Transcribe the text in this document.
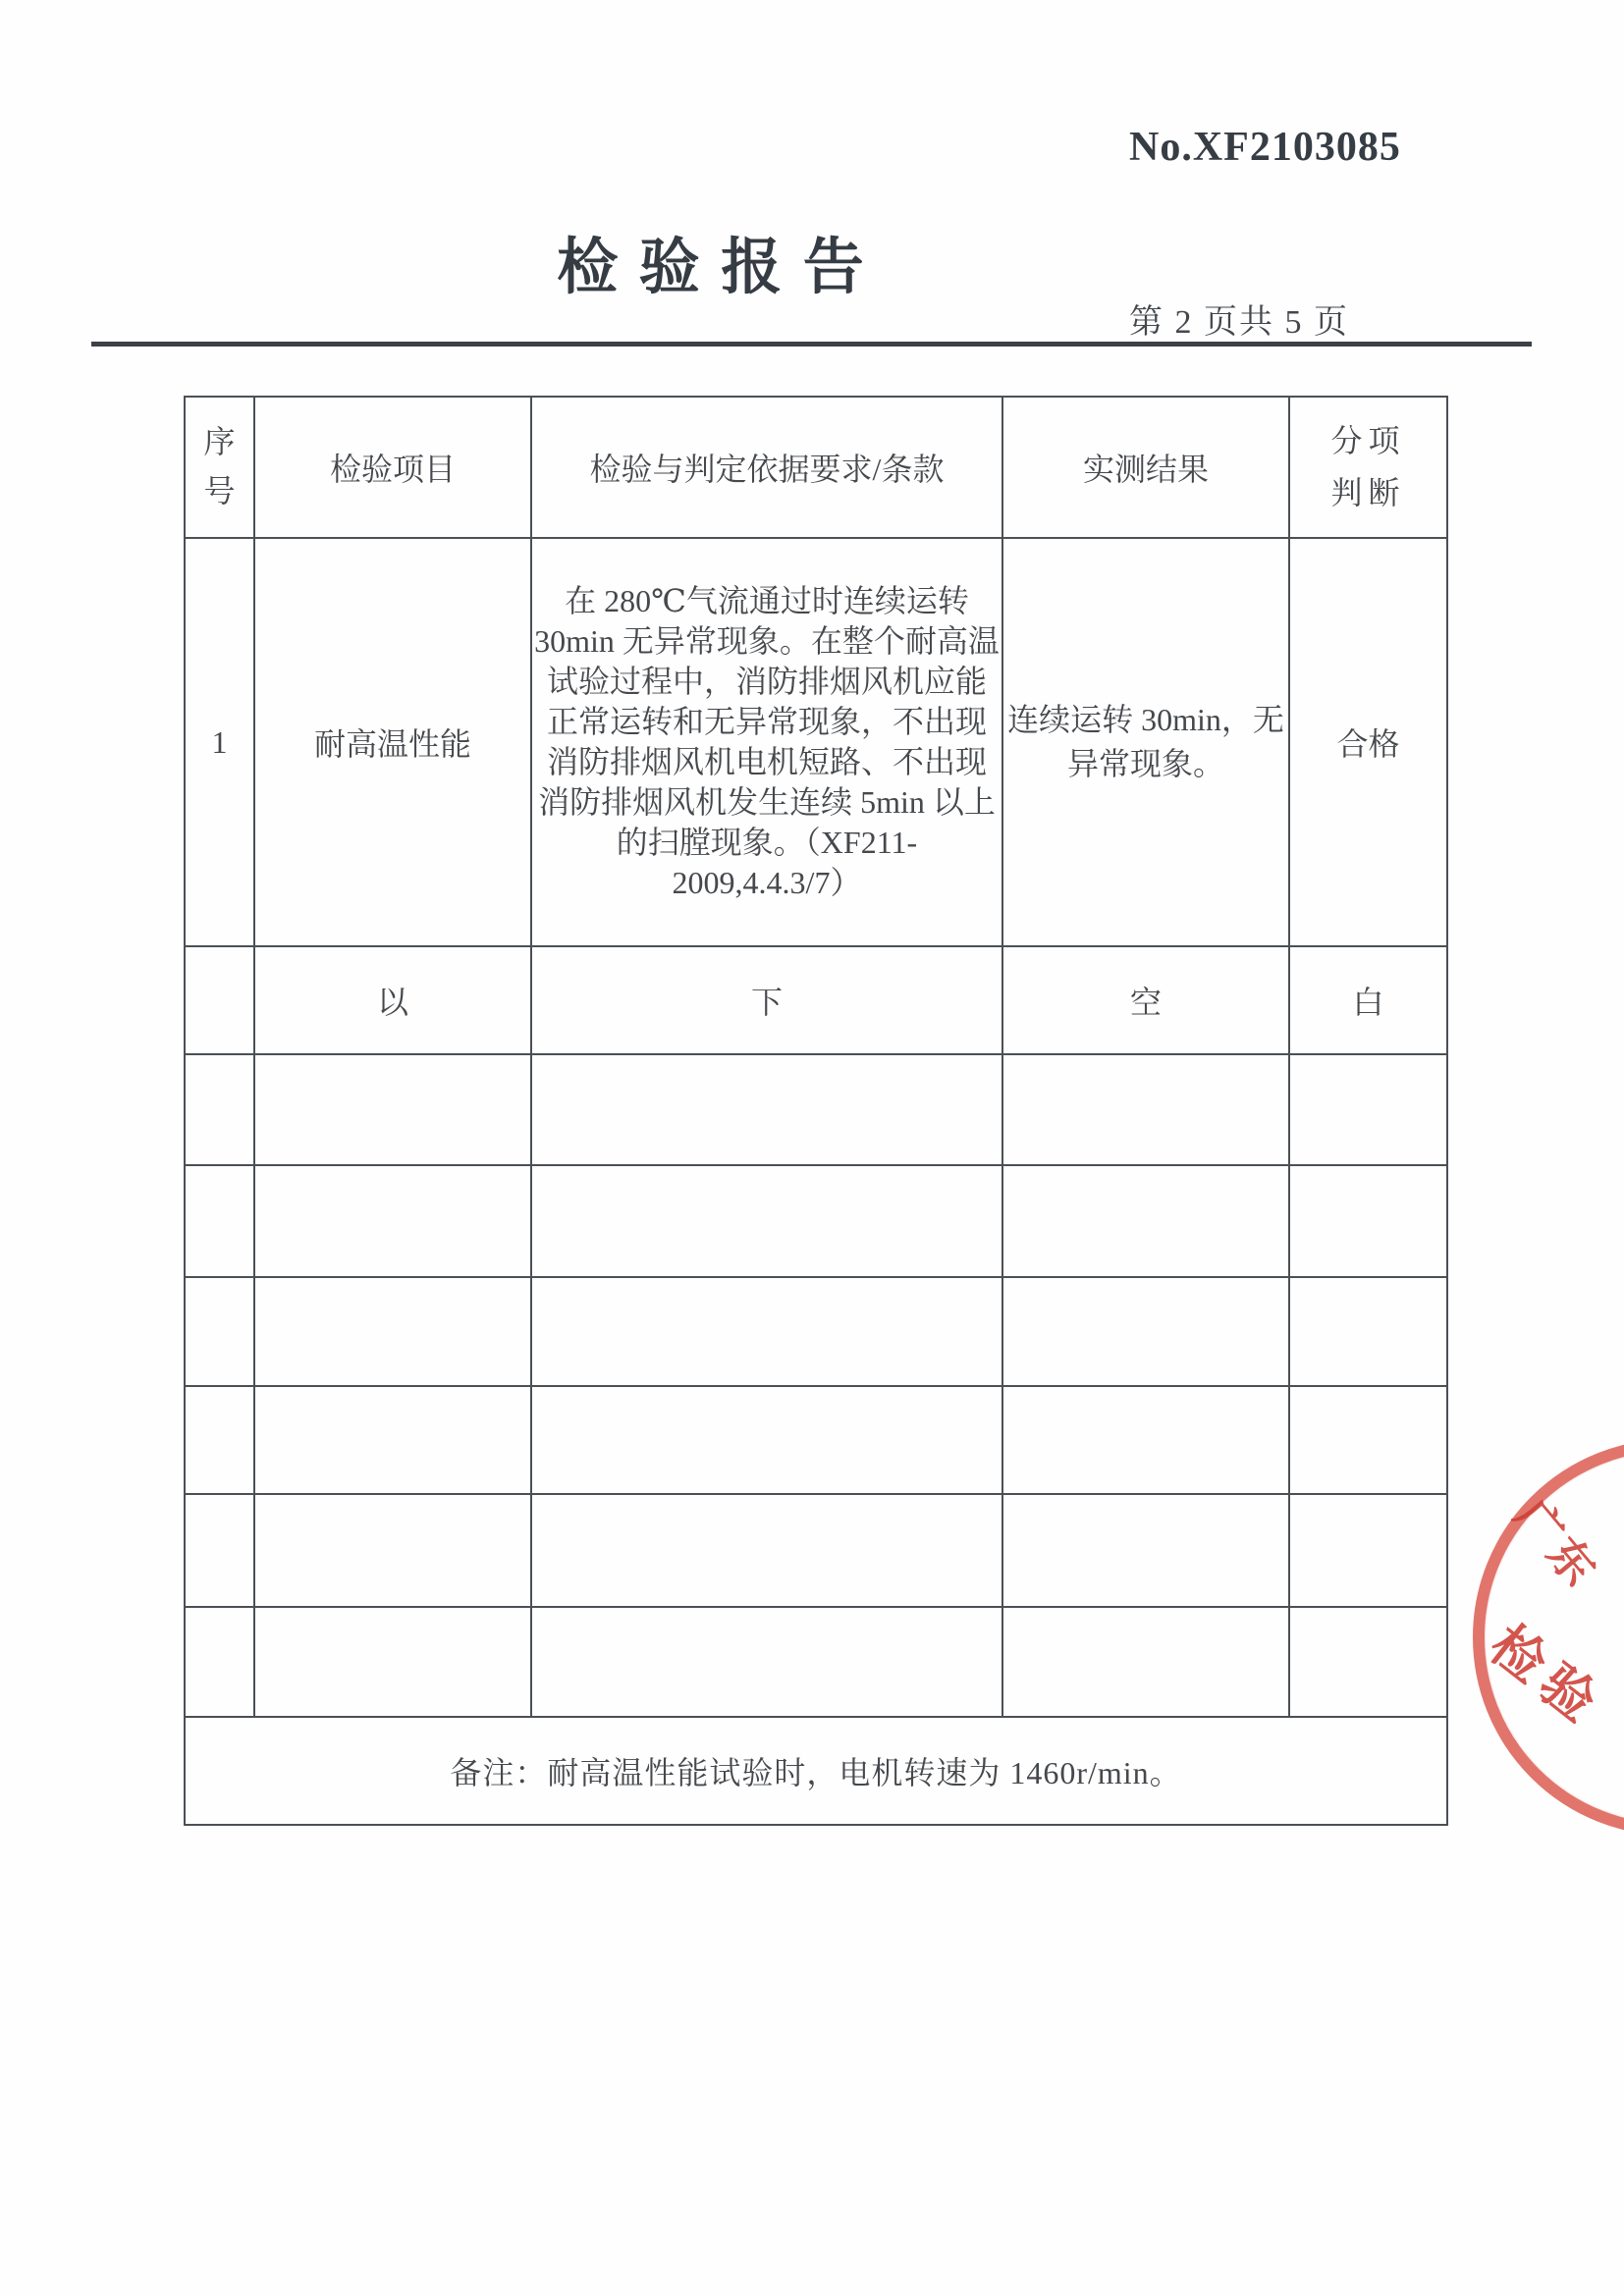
No.XF2103085
检 验 报 告
第 2 页共 5 页
序号	检验项目	检验与判定依据要求/条款	实测结果	分项判断
1	耐高温性能	在 280℃气流通过时连续运转 30min 无异常现象。在整个耐高温试验过程中，消防排烟风机应能正常运转和无异常现象，不出现消防排烟风机电机短路、不出现消防排烟风机发生连续 5min 以上的扫膛现象。（XF211-2009,4.4.3/7）	连续运转 30min，无异常现象。	合格
	以	下	空	白

备注：耐高温性能试验时，电机转速为 1460r/min。				
广东
检验
